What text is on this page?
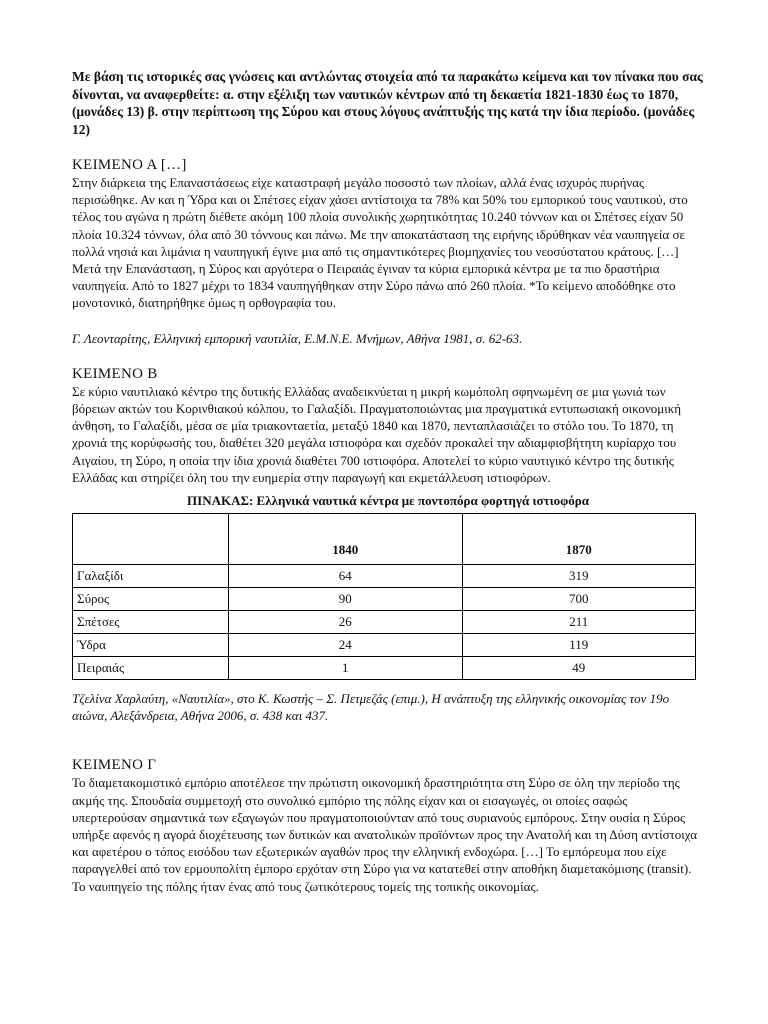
Με βάση τις ιστορικές σας γνώσεις και αντλώντας στοιχεία από τα παρακάτω κείμενα και τον πίνακα που σας δίνονται, να αναφερθείτε: α. στην εξέλιξη των ναυτικών κέντρων από τη δεκαετία 1821-1830 έως το 1870, (μονάδες 13) β. στην περίπτωση της Σύρου και στους λόγους ανάπτυξής της κατά την ίδια περίοδο. (μονάδες 12)

ΚΕΙΜΕΝΟ Α […]

Στην διάρκεια της Επαναστάσεως είχε καταστραφή μεγάλο ποσοστό των πλοίων, αλλά ένας ισχυρός πυρήνας περισώθηκε. Αν και η Ύδρα και οι Σπέτσες είχαν χάσει αντίστοιχα τα 78% και 50% του εμπορικού τους ναυτικού, στο τέλος του αγώνα η πρώτη διέθετε ακόμη 100 πλοία συνολικής χωρητικότητας 10.240 τόννων και οι Σπέτσες είχαν 50 πλοία 10.324 τόννων, όλα από 30 τόννους και πάνω. Με την αποκατάσταση της ειρήνης ιδρύθηκαν νέα ναυπηγεία σε πολλά νησιά και λιμάνια η ναυπηγική έγινε μια από τις σημαντικότερες βιομηχανίες του νεοσύστατου κράτους. […] Μετά την Επανάσταση, η Σύρος και αργότερα ο Πειραιάς έγιναν τα κύρια εμπορικά κέντρα με τα πιο δραστήρια ναυπηγεία. Από το 1827 μέχρι το 1834 ναυπηγήθηκαν στην Σύρο πάνω από 260 πλοία. *Το κείμενο αποδόθηκε στο μονοτονικό, διατηρήθηκε όμως η ορθογραφία του.

Γ. Λεονταρίτης, Ελληνική εμπορική ναυτιλία, Ε.Μ.Ν.Ε. Μνήμων, Αθήνα 1981, σ. 62-63.

ΚΕΙΜΕΝΟ Β

Σε κύριο ναυτιλιακό κέντρο της δυτικής Ελλάδας αναδεικνύεται η μικρή κωμόπολη σφηνωμένη σε μια γωνιά των βόρειων ακτών του Κορινθιακού κόλπου, το Γαλαξίδι. Πραγματοποιώντας μια πραγματικά εντυπωσιακή οικονομική άνθηση, το Γαλαξίδι, μέσα σε μία τριακονταετία, μεταξύ 1840 και 1870, πενταπλασιάζει το στόλο του. Το 1870, τη χρονιά της κορύφωσής του, διαθέτει 320 μεγάλα ιστιοφόρα και σχεδόν προκαλεί την αδιαμφισβήτητη κυρίαρχο του Αιγαίου, τη Σύρο, η οποία την ίδια χρονιά διαθέτει 700 ιστιοφόρα. Αποτελεί το κύριο ναυτιγικό κέντρο της δυτικής Ελλάδας και στηρίζει όλη του την ευημερία στην παραγωγή και εκμετάλλευση ιστιοφόρων.

ΠΙΝΑΚΑΣ: Ελληνικά ναυτικά κέντρα με ποντοπόρα φορτηγά ιστιοφόρα

	1840	1870
Γαλαξίδι	64	319
Σύρος	90	700
Σπέτσες	26	211
Ύδρα	24	119
Πειραιάς	1	49

Τζελίνα Χαρλαύτη, «Ναυτιλία», στο Κ. Κωστής – Σ. Πετμεζάς (επιμ.), Η ανάπτυξη της ελληνικής οικονομίας τον 19ο αιώνα, Αλεξάνδρεια, Αθήνα 2006, σ. 438 και 437.

ΚΕΙΜΕΝΟ Γ

Το διαμετακομιστικό εμπόριο αποτέλεσε την πρώτιστη οικονομική δραστηριότητα στη Σύρο σε όλη την περίοδο της ακμής της. Σπουδαία συμμετοχή στο συνολικό εμπόριο της πόλης είχαν και οι εισαγωγές, οι οποίες σαφώς υπερτερούσαν σημαντικά των εξαγωγών που πραγματοποιούνταν από τους συριανούς εμπόρους. Στην ουσία η Σύρος υπήρξε αφενός η αγορά διοχέτευσης των δυτικών και ανατολικών προϊόντων προς την Ανατολή και τη Δύση αντίστοιχα και αφετέρου ο τόπος εισόδου των εξωτερικών αγαθών προς την ελληνική ενδοχώρα. […] Το εμπόρευμα που είχε παραγγελθεί από τον ερμουπολίτη έμπορο ερχόταν στη Σύρο για να κατατεθεί στην αποθήκη διαμετακόμισης (transit). Το ναυπηγείο της πόλης ήταν ένας από τους ζωτικότερους τομείς της τοπικής οικονομίας.
